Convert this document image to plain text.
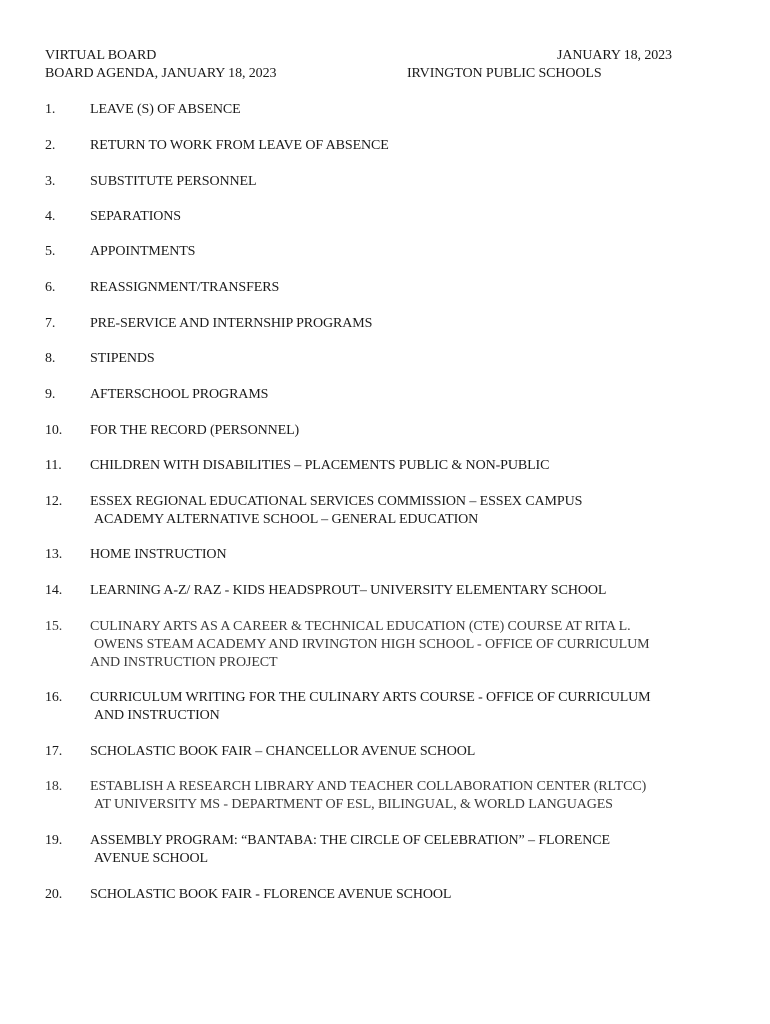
VIRTUAL BOARD
BOARD AGENDA, JANUARY 18, 2023
JANUARY 18, 2023
IRVINGTON PUBLIC SCHOOLS
1.	LEAVE (S) OF ABSENCE
2.	RETURN TO WORK FROM LEAVE OF ABSENCE
3.	SUBSTITUTE PERSONNEL
4.	SEPARATIONS
5.	APPOINTMENTS
6.	REASSIGNMENT/TRANSFERS
7.	PRE-SERVICE AND INTERNSHIP PROGRAMS
8.	STIPENDS
9.	AFTERSCHOOL PROGRAMS
10.	FOR THE RECORD (PERSONNEL)
11.	CHILDREN WITH DISABILITIES – PLACEMENTS PUBLIC & NON-PUBLIC
12.	ESSEX REGIONAL EDUCATIONAL SERVICES COMMISSION – ESSEX CAMPUS
ACADEMY ALTERNATIVE SCHOOL – GENERAL EDUCATION
13.	HOME INSTRUCTION
14.	LEARNING A-Z/ RAZ - KIDS HEADSPROUT– UNIVERSITY ELEMENTARY SCHOOL
15.	CULINARY ARTS AS A CAREER & TECHNICAL EDUCATION (CTE) COURSE AT RITA L.
OWENS STEAM ACADEMY AND IRVINGTON HIGH SCHOOL - OFFICE OF CURRICULUM
AND INSTRUCTION PROJECT
16.	CURRICULUM WRITING FOR THE CULINARY ARTS COURSE - OFFICE OF CURRICULUM
AND INSTRUCTION
17.	SCHOLASTIC BOOK FAIR – CHANCELLOR AVENUE SCHOOL
18.	ESTABLISH A RESEARCH LIBRARY AND TEACHER COLLABORATION CENTER (RLTCC)
AT UNIVERSITY MS - DEPARTMENT OF ESL, BILINGUAL, & WORLD LANGUAGES
19.	ASSEMBLY PROGRAM: “BANTABA: THE CIRCLE OF CELEBRATION” – FLORENCE
AVENUE SCHOOL
20.	SCHOLASTIC BOOK FAIR - FLORENCE AVENUE SCHOOL
